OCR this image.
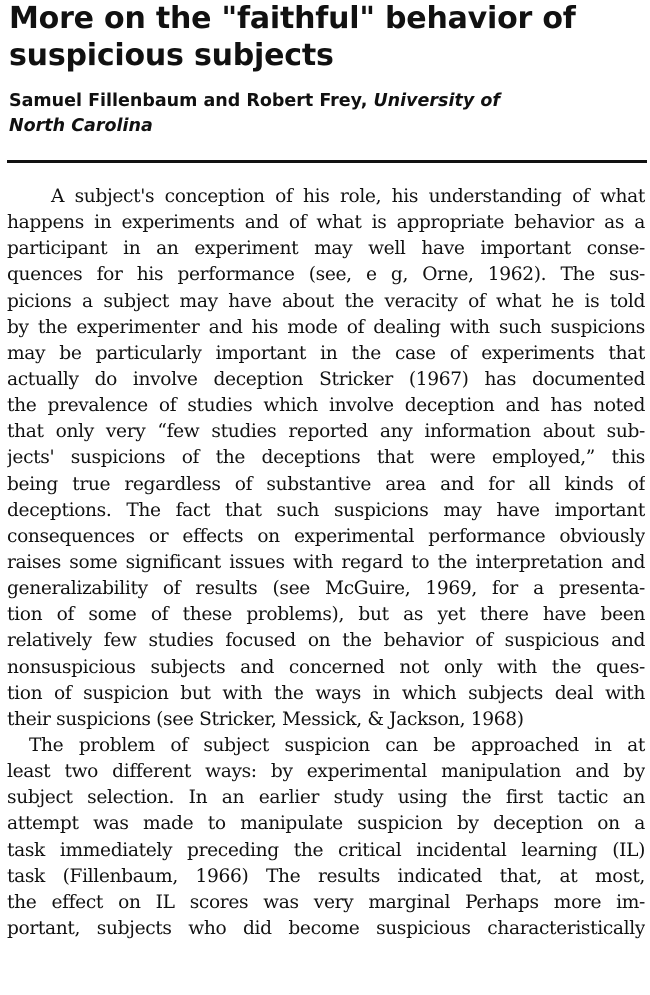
More on the "faithful" behavior of
suspicious subjects
Samuel Fillenbaum and Robert Frey, University of
North Carolina
A subject's conception of his role, his understanding of what
happens in experiments and of what is appropriate behavior as a
participant in an experiment may well have important conse-
quences for his performance (see, e g, Orne, 1962). The sus-
picions a subject may have about the veracity of what he is told
by the experimenter and his mode of dealing with such suspicions
may be particularly important in the case of experiments that
actually do involve deception Stricker (1967) has documented
the prevalence of studies which involve deception and has noted
that only very “few studies reported any information about sub-
jects' suspicions of the deceptions that were employed,” this
being true regardless of substantive area and for all kinds of
deceptions. The fact that such suspicions may have important
consequences or effects on experimental performance obviously
raises some significant issues with regard to the interpretation and
generalizability of results (see McGuire, 1969, for a presenta-
tion of some of these problems), but as yet there have been
relatively few studies focused on the behavior of suspicious and
nonsuspicious subjects and concerned not only with the ques-
tion of suspicion but with the ways in which subjects deal with
their suspicions (see Stricker, Messick, & Jackson, 1968)
The problem of subject suspicion can be approached in at
least two different ways: by experimental manipulation and by
subject selection. In an earlier study using the first tactic an
attempt was made to manipulate suspicion by deception on a
task immediately preceding the critical incidental learning (IL)
task (Fillenbaum, 1966) The results indicated that, at most,
the effect on IL scores was very marginal Perhaps more im-
portant, subjects who did become suspicious characteristically
